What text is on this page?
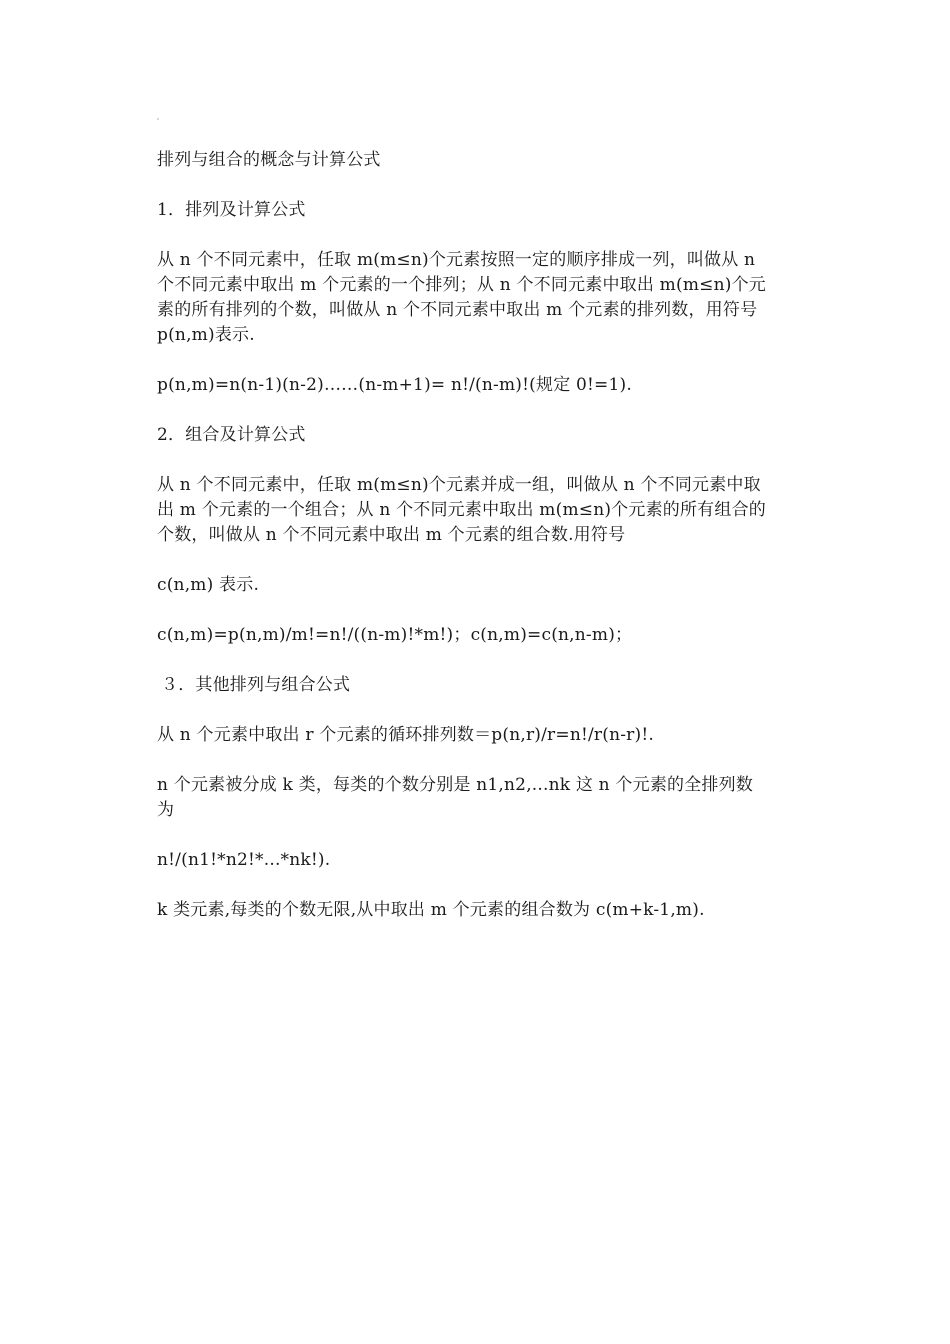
排列与组合的概念与计算公式

1．排列及计算公式

从 n 个不同元素中，任取 m(m≤n)个元素按照一定的顺序排成一列，叫做从 n

个不同元素中取出 m 个元素的一个排列；从 n 个不同元素中取出 m(m≤n)个元

素的所有排列的个数，叫做从 n 个不同元素中取出 m 个元素的排列数，用符号

p(n,m)表示.

p(n,m)=n(n-1)(n-2)……(n-m+1)= n!/(n-m)!(规定 0!=1).

2．组合及计算公式

从 n 个不同元素中，任取 m(m≤n)个元素并成一组，叫做从 n 个不同元素中取

出 m 个元素的一个组合；从 n 个不同元素中取出 m(m≤n)个元素的所有组合的

个数，叫做从 n 个不同元素中取出 m 个元素的组合数.用符号

c(n,m) 表示.

c(n,m)=p(n,m)/m!=n!/((n-m)!*m!)；c(n,m)=c(n,n-m)；

３．其他排列与组合公式

从 n 个元素中取出 r 个元素的循环排列数＝p(n,r)/r=n!/r(n-r)!.

n 个元素被分成 k 类，每类的个数分别是 n1,n2,...nk 这 n 个元素的全排列数

为

n!/(n1!*n2!*...*nk!).

k 类元素,每类的个数无限,从中取出 m 个元素的组合数为 c(m+k-1,m).
